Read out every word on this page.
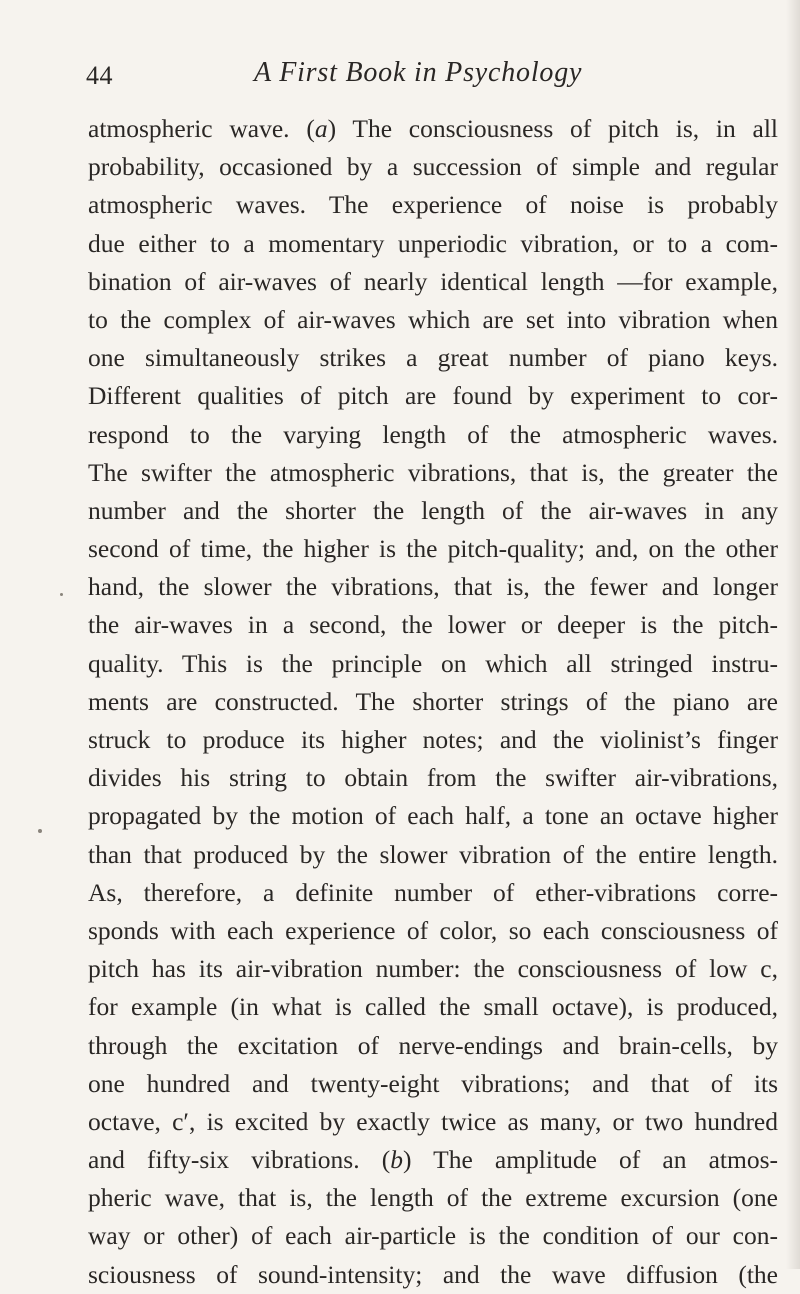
44	A First Book in Psychology
atmospheric wave. (a) The consciousness of pitch is, in all
probability, occasioned by a succession of simple and regular
atmospheric waves. The experience of noise is probably
due either to a momentary unperiodic vibration, or to a com-
bination of air-waves of nearly identical length —for example,
to the complex of air-waves which are set into vibration when
one simultaneously strikes a great number of piano keys.
Different qualities of pitch are found by experiment to cor-
respond to the varying length of the atmospheric waves.
The swifter the atmospheric vibrations, that is, the greater the
number and the shorter the length of the air-waves in any
second of time, the higher is the pitch-quality; and, on the other
hand, the slower the vibrations, that is, the fewer and longer
the air-waves in a second, the lower or deeper is the pitch-
quality. This is the principle on which all stringed instru-
ments are constructed. The shorter strings of the piano are
struck to produce its higher notes; and the violinist’s finger
divides his string to obtain from the swifter air-vibrations,
propagated by the motion of each half, a tone an octave higher
than that produced by the slower vibration of the entire length.
As, therefore, a definite number of ether-vibrations corre-
sponds with each experience of color, so each consciousness of
pitch has its air-vibration number: the consciousness of low c,
for example (in what is called the small octave), is produced,
through the excitation of nerve-endings and brain-cells, by
one hundred and twenty-eight vibrations; and that of its
octave, c′, is excited by exactly twice as many, or two hundred
and fifty-six vibrations. (b) The amplitude of an atmos-
pheric wave, that is, the length of the extreme excursion (one
way or other) of each air-particle is the condition of our con-
sciousness of sound-intensity; and the wave diffusion (the
